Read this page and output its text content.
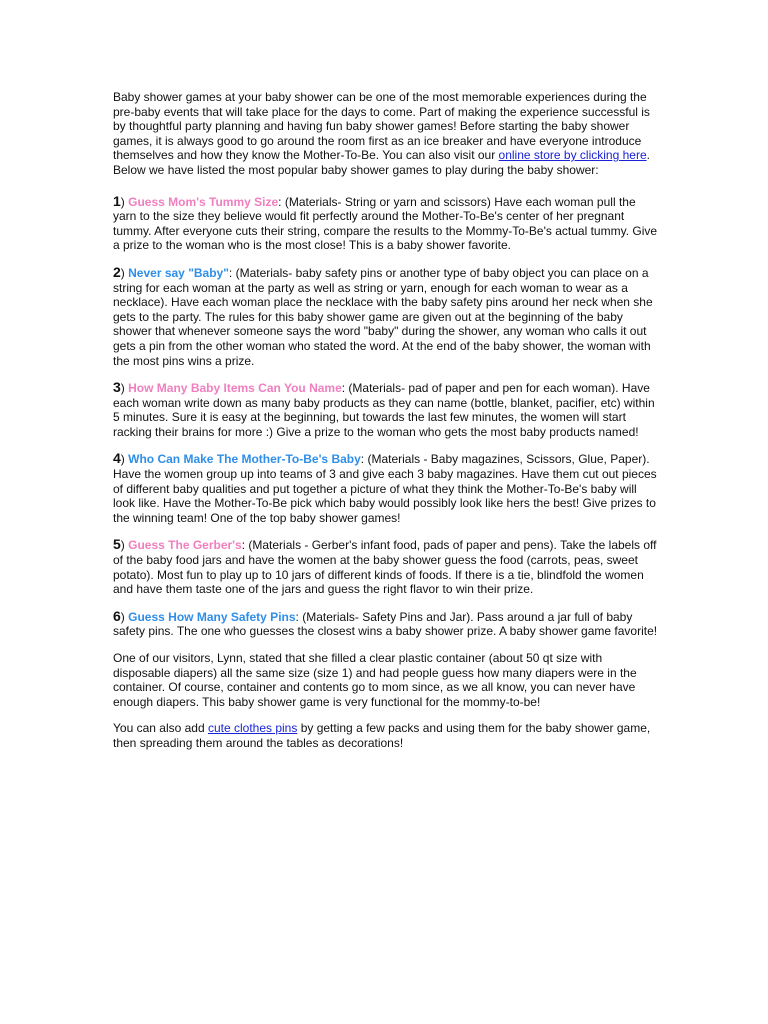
Baby shower games at your baby shower can be one of the most memorable experiences during the pre-baby events that will take place for the days to come. Part of making the experience successful is by thoughtful party planning and having fun baby shower games! Before starting the baby shower games, it is always good to go around the room first as an ice breaker and have everyone introduce themselves and how they know the Mother-To-Be. You can also visit our online store by clicking here. Below we have listed the most popular baby shower games to play during the baby shower:

1) Guess Mom's Tummy Size: (Materials- String or yarn and scissors) Have each woman pull the yarn to the size they believe would fit perfectly around the Mother-To-Be's center of her pregnant tummy. After everyone cuts their string, compare the results to the Mommy-To-Be's actual tummy. Give a prize to the woman who is the most close! This is a baby shower favorite.

2) Never say "Baby": (Materials- baby safety pins or another type of baby object you can place on a string for each woman at the party as well as string or yarn, enough for each woman to wear as a necklace). Have each woman place the necklace with the baby safety pins around her neck when she gets to the party. The rules for this baby shower game are given out at the beginning of the baby shower that whenever someone says the word "baby" during the shower, any woman who calls it out gets a pin from the other woman who stated the word. At the end of the baby shower, the woman with the most pins wins a prize.

3) How Many Baby Items Can You Name: (Materials- pad of paper and pen for each woman). Have each woman write down as many baby products as they can name (bottle, blanket, pacifier, etc) within 5 minutes. Sure it is easy at the beginning, but towards the last few minutes, the women will start racking their brains for more :) Give a prize to the woman who gets the most baby products named!

4) Who Can Make The Mother-To-Be's Baby: (Materials - Baby magazines, Scissors, Glue, Paper). Have the women group up into teams of 3 and give each 3 baby magazines. Have them cut out pieces of different baby qualities and put together a picture of what they think the Mother-To-Be's baby will look like. Have the Mother-To-Be pick which baby would possibly look like hers the best! Give prizes to the winning team! One of the top baby shower games!

5) Guess The Gerber's: (Materials - Gerber's infant food, pads of paper and pens). Take the labels off of the baby food jars and have the women at the baby shower guess the food (carrots, peas, sweet potato). Most fun to play up to 10 jars of different kinds of foods. If there is a tie, blindfold the women and have them taste one of the jars and guess the right flavor to win their prize.

6) Guess How Many Safety Pins: (Materials- Safety Pins and Jar). Pass around a jar full of baby safety pins. The one who guesses the closest wins a baby shower prize. A baby shower game favorite!

One of our visitors, Lynn, stated that she filled a clear plastic container (about 50 qt size with disposable diapers) all the same size (size 1) and had people guess how many diapers were in the container. Of course, container and contents go to mom since, as we all know, you can never have enough diapers. This baby shower game is very functional for the mommy-to-be!

You can also add cute clothes pins by getting a few packs and using them for the baby shower game, then spreading them around the tables as decorations!
